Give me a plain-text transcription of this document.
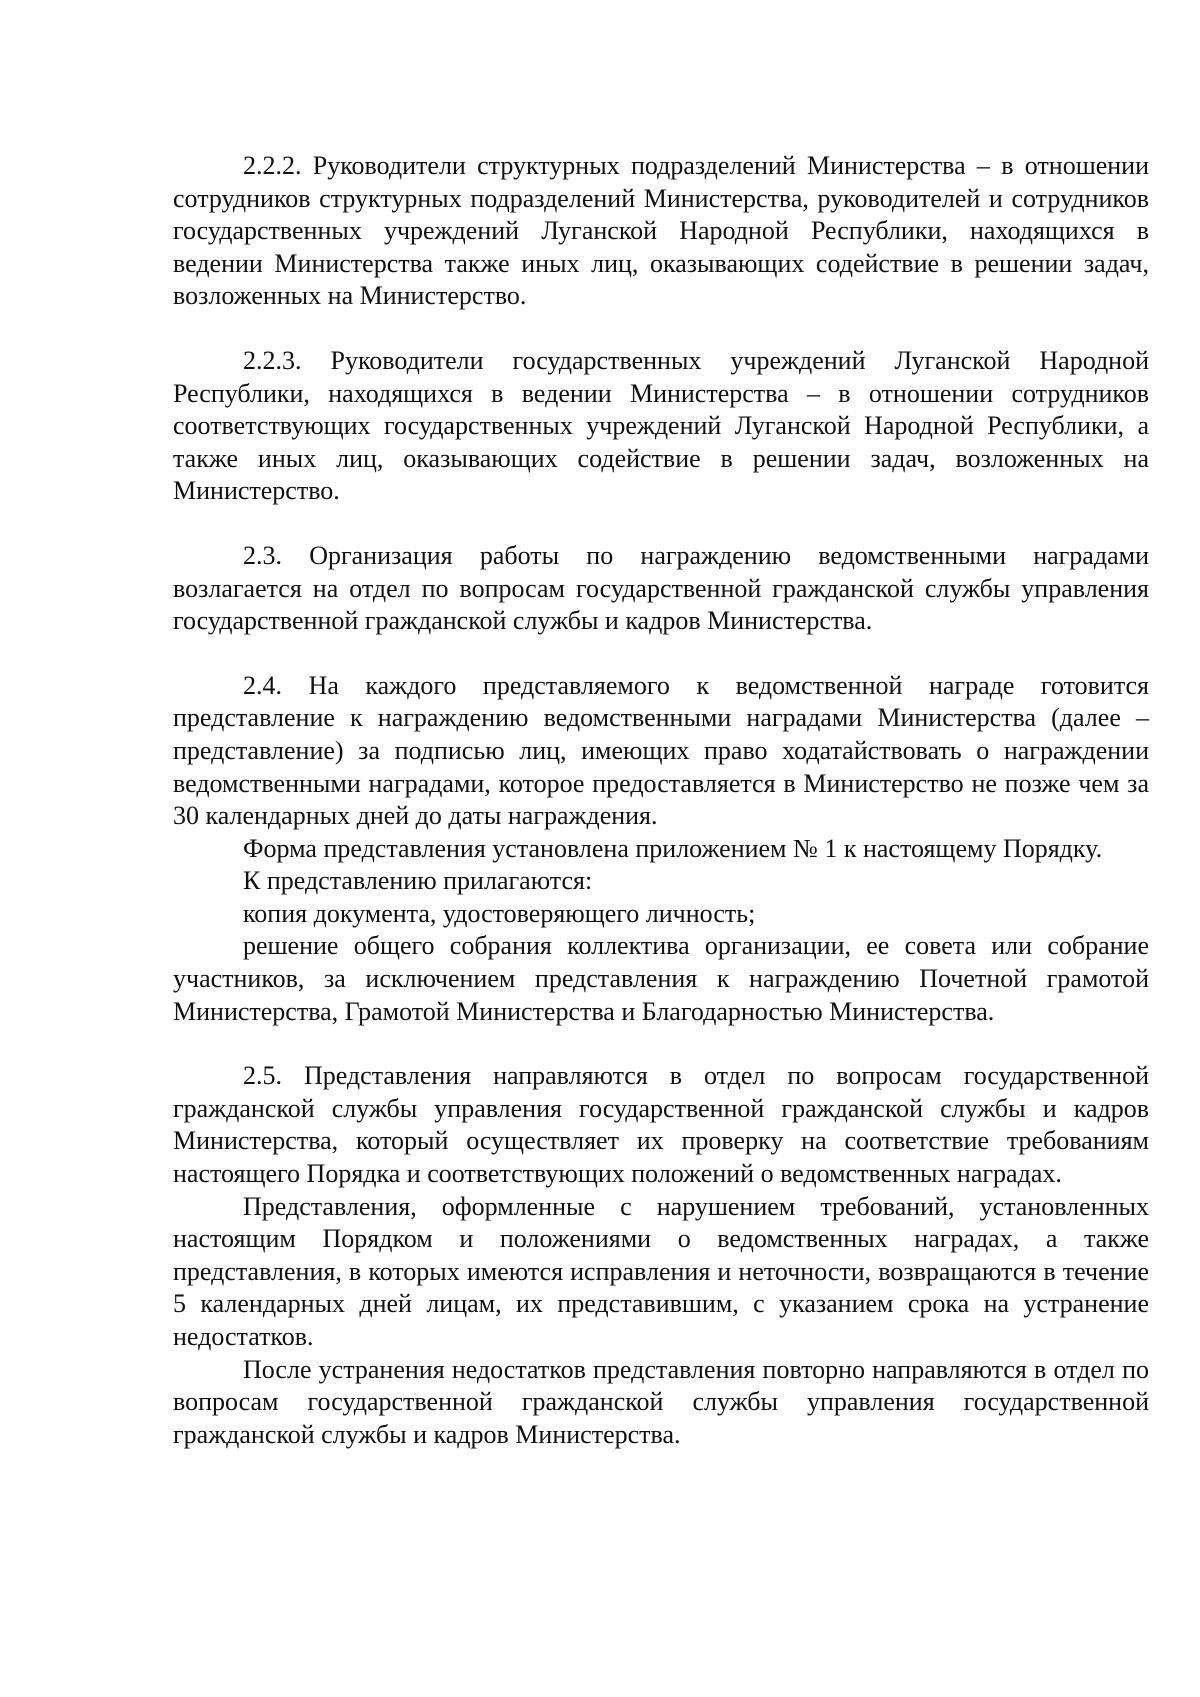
2.2.2. Руководители структурных подразделений Министерства – в отношении сотрудников структурных подразделений Министерства, руководителей и сотрудников государственных учреждений Луганской Народной Республики, находящихся в ведении Министерства также иных лиц, оказывающих содействие в решении задач, возложенных на Министерство.

2.2.3. Руководители государственных учреждений Луганской Народной Республики, находящихся в ведении Министерства – в отношении сотрудников соответствующих государственных учреждений Луганской Народной Республики, а также иных лиц, оказывающих содействие в решении задач, возложенных на Министерство.

2.3. Организация работы по награждению ведомственными наградами возлагается на отдел по вопросам государственной гражданской службы управления государственной гражданской службы и кадров Министерства.

2.4. На каждого представляемого к ведомственной награде готовится представление к награждению ведомственными наградами Министерства (далее – представление) за подписью лиц, имеющих право ходатайствовать о награждении ведомственными наградами, которое предоставляется в Министерство не позже чем за 30 календарных дней до даты награждения.

Форма представления установлена приложением № 1 к настоящему Порядку.

К представлению прилагаются:

копия документа, удостоверяющего личность;

решение общего собрания коллектива организации, ее совета или собрание участников, за исключением представления к награждению Почетной грамотой Министерства, Грамотой Министерства и Благодарностью Министерства.

2.5. Представления направляются в отдел по вопросам государственной гражданской службы управления государственной гражданской службы и кадров Министерства, который осуществляет их проверку на соответствие требованиям настоящего Порядка и соответствующих положений о ведомственных наградах.

Представления, оформленные с нарушением требований, установленных настоящим Порядком и положениями о ведомственных наградах, а также представления, в которых имеются исправления и неточности, возвращаются в течение 5 календарных дней лицам, их представившим, с указанием срока на устранение недостатков.

После устранения недостатков представления повторно направляются в отдел по вопросам государственной гражданской службы управления государственной гражданской службы и кадров Министерства.
